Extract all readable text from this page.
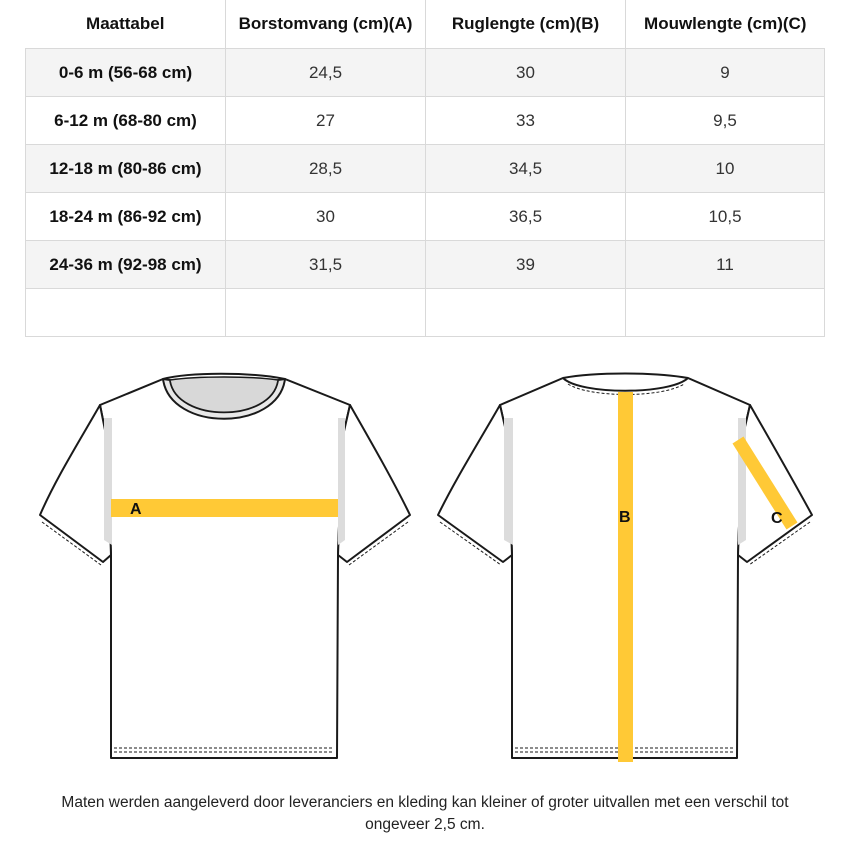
Maattabel	Borstomvang (cm)(A)	Ruglengte (cm)(B)	Mouwlengte (cm)(C)
0-6 m (56-68 cm)	24,5	30	9
6-12 m (68-80 cm)	27	33	9,5
12-18 m (80-86 cm)	28,5	34,5	10
18-24 m (86-92 cm)	30	36,5	10,5
24-36 m (92-98 cm)	31,5	39	11

A	B	C
Maten werden aangeleverd door leveranciers en kleding kan kleiner of groter uitvallen met een verschil tot ongeveer 2,5 cm.
